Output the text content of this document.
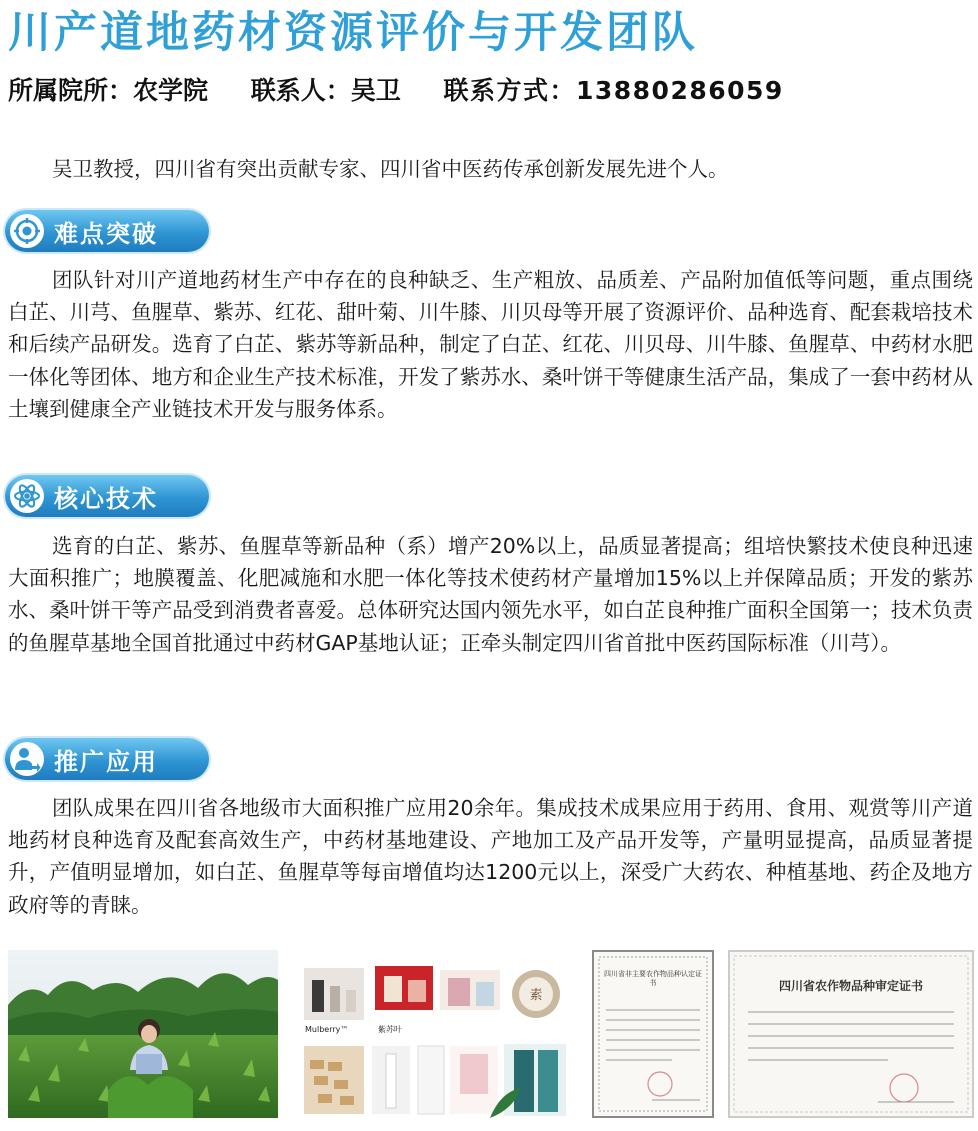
川产道地药材资源评价与开发团队
所属院所：农学院 联系人：吴卫 联系方式：13880286059

吴卫教授，四川省有突出贡献专家、四川省中医药传承创新发展先进个人。

难点突破

团队针对川产道地药材生产中存在的良种缺乏、生产粗放、品质差、产品附加值低等问题，重点围绕白芷、川芎、鱼腥草、紫苏、红花、甜叶菊、川牛膝、川贝母等开展了资源评价、品种选育、配套栽培技术和后续产品研发。选育了白芷、紫苏等新品种，制定了白芷、红花、川贝母、川牛膝、鱼腥草、中药材水肥一体化等团体、地方和企业生产技术标准，开发了紫苏水、桑叶饼干等健康生活产品，集成了一套中药材从土壤到健康全产业链技术开发与服务体系。

核心技术

选育的白芷、紫苏、鱼腥草等新品种（系）增产20%以上，品质显著提高；组培快繁技术使良种迅速大面积推广；地膜覆盖、化肥减施和水肥一体化等技术使药材产量增加15%以上并保障品质；开发的紫苏水、桑叶饼干等产品受到消费者喜爱。总体研究达国内领先水平，如白芷良种推广面积全国第一；技术负责的鱼腥草基地全国首批通过中药材GAP基地认证；正牵头制定四川省首批中医药国际标准（川芎）。

推广应用

团队成果在四川省各地级市大面积推广应用20余年。集成技术成果应用于药用、食用、观赏等川产道地药材良种选育及配套高效生产，中药材基地建设、产地加工及产品开发等，产量明显提高，品质显著提升，产值明显增加，如白芷、鱼腥草等每亩增值均达1200元以上，深受广大药农、种植基地、药企及地方政府等的青睐。

素
Mulberry™	紫苏叶
四川省非主要农作物品种认定证书	四川省农作物品种审定证书
